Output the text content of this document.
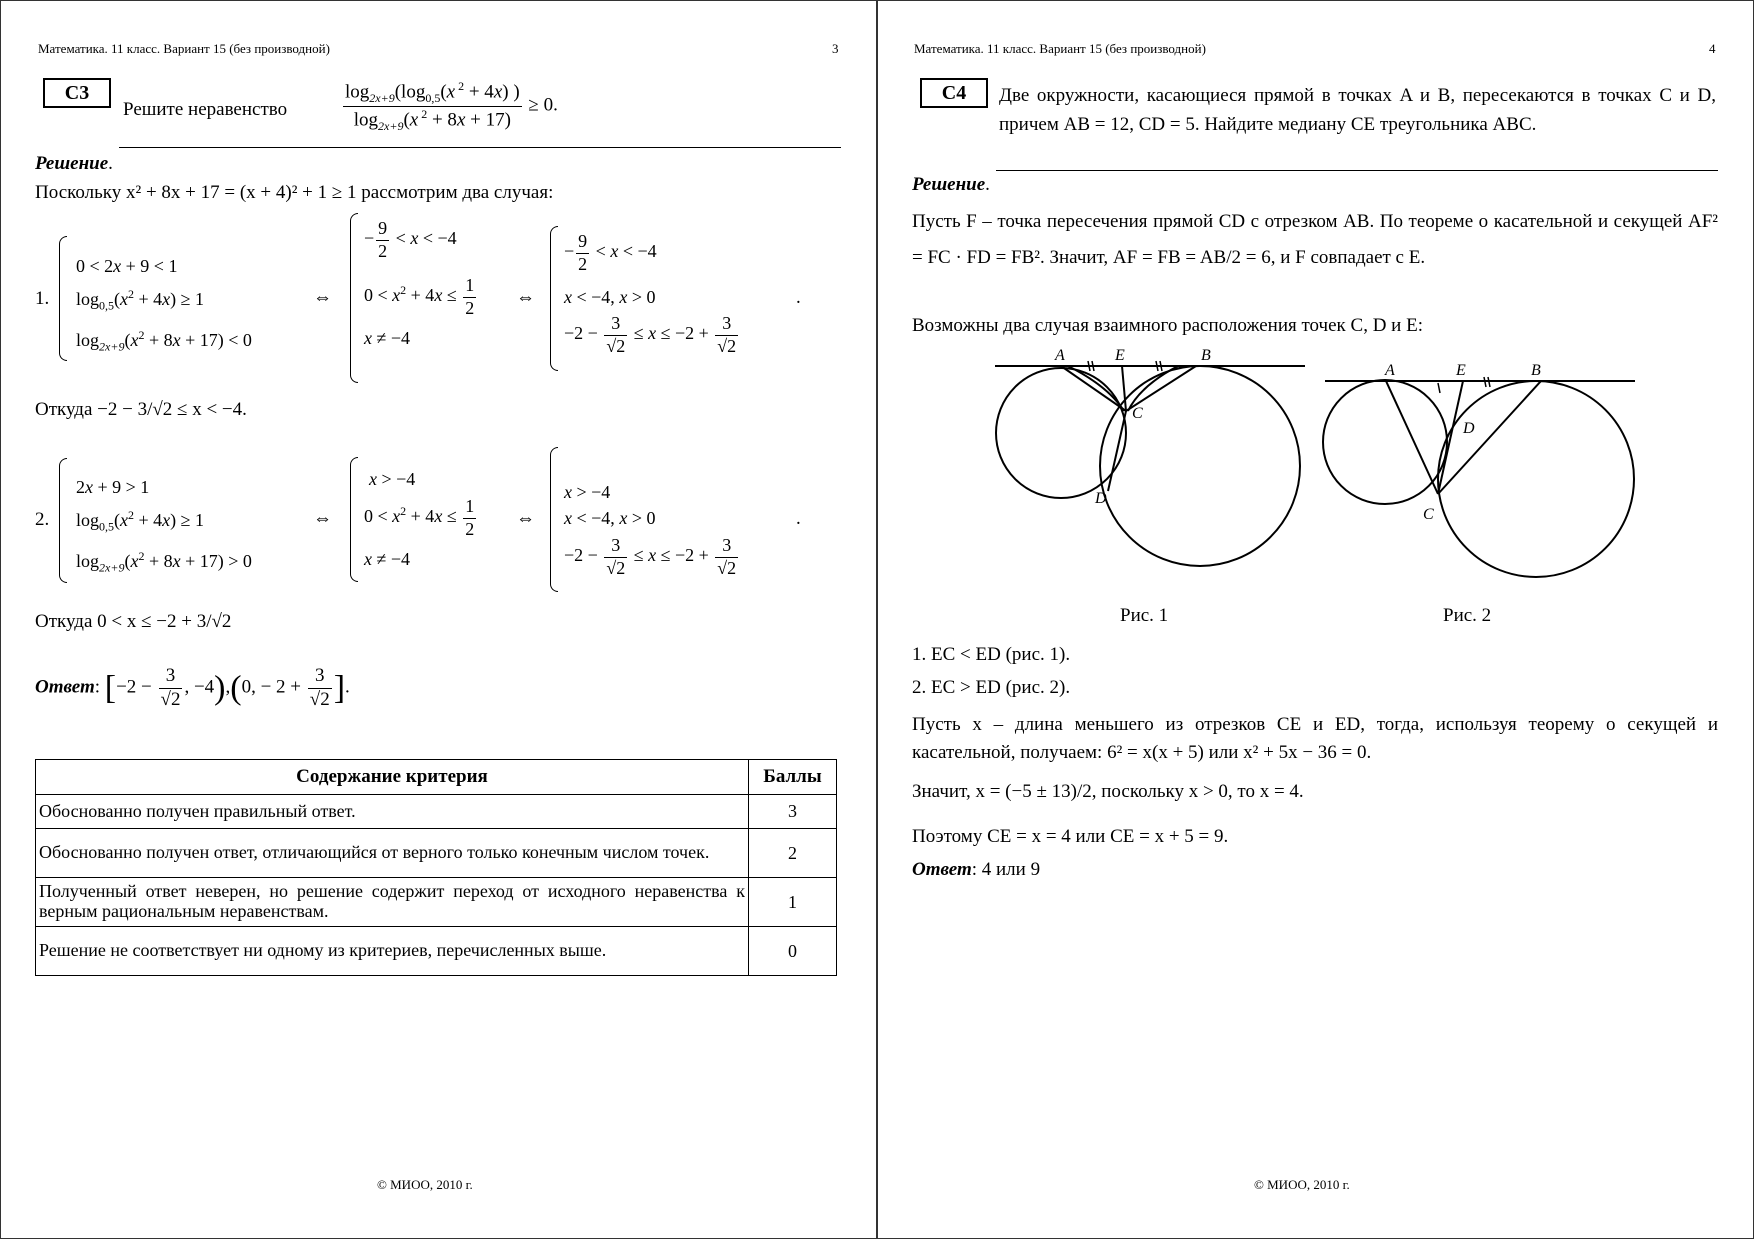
Математика. 11 класс. Вариант 15 (без производной)	3
C3
Решите неравенство	$\frac{\log_{2x+9}(\log_{0,5}(x ^2 + 4x) )}{\log_{2x+9}(x ^2 + 8x + 17)} \ge 0$.
Решение.
Поскольку x² + 8x + 17 = (x + 4)² + 1 ≥ 1 рассмотрим два случая:
1.
0 < 2x + 9 < 1
$\log_{0,5}(x^2 + 4x) \ge 1$
$\log_{2x+9}(x^2 + 8x + 17) < 0$
⇔
− $\frac{9}{2} < x < -4$
$0 < x^2 + 4x \le \frac{1}{2}$
x ≠ −4
⇔
− $\frac{9}{2} < x < -4$
x < −4, x > 0
$-2 - \frac{3}{√2} \le x \le -2 + \frac{3}{√2}$
.
Откуда −2 − 3/√2 ≤ x < −4.
2.
2x + 9 > 1
$\log_{0,5}(x^2 + 4x) \ge 1$
$\log_{2x+9}(x^2 + 8x + 17) > 0$
⇔
x > −4
$0 < x^2 + 4x \le \frac{1}{2}$
x ≠ −4
⇔
x > −4
x < −4, x > 0
$-2 - \frac{3}{√2} \le x \le -2 + \frac{3}{√2}$
.
Откуда 0 < x ≤ −2 + 3/√2
Ответ: [$-2 - \frac{3}{√2}$ , −4),(0, − $2 + \frac{3}{√2}$ ].
Содержание критерия	Баллы
Обоснованно получен правильный ответ.	3
Обоснованно получен ответ, отличающийся от верного только конечным числом точек.	2
Полученный ответ неверен, но решение содержит переход от исходного неравенства к верным рациональным неравенствам.	1
Решение не соответствует ни одному из критериев, перечисленных выше.	0
© МИОО, 2010 г.
Математика. 11 класс. Вариант 15 (без производной)	4
C4	Две окружности, касающиеся прямой в точках A и B, пересекаются в точках C и D, причем AB = 12, CD = 5. Найдите медиану CE треугольника ABC.
Решение.
Пусть F – точка пересечения прямой CD с отрезком AB. По теореме о касательной и секущей AF² = FC · FD = FB². Значит, AF = FB = AB/2 = 6, и F совпадает с E.
Возможны два случая взаимного расположения точек C, D и E:
A	E	B
C
D
A	E	B
D
C
Рис. 1	Рис. 2
1. EC < ED (рис. 1).
2. EC > ED (рис. 2).
Пусть x – длина меньшего из отрезков CE и ED, тогда, используя теорему о секущей и касательной, получаем: 6² = x(x + 5) или x² + 5x − 36 = 0.
Значит, x = (−5 ± 13)/2, поскольку x > 0, то x = 4.
Поэтому CE = x = 4 или CE = x + 5 = 9.
Ответ: 4 или 9
© МИОО, 2010 г.
